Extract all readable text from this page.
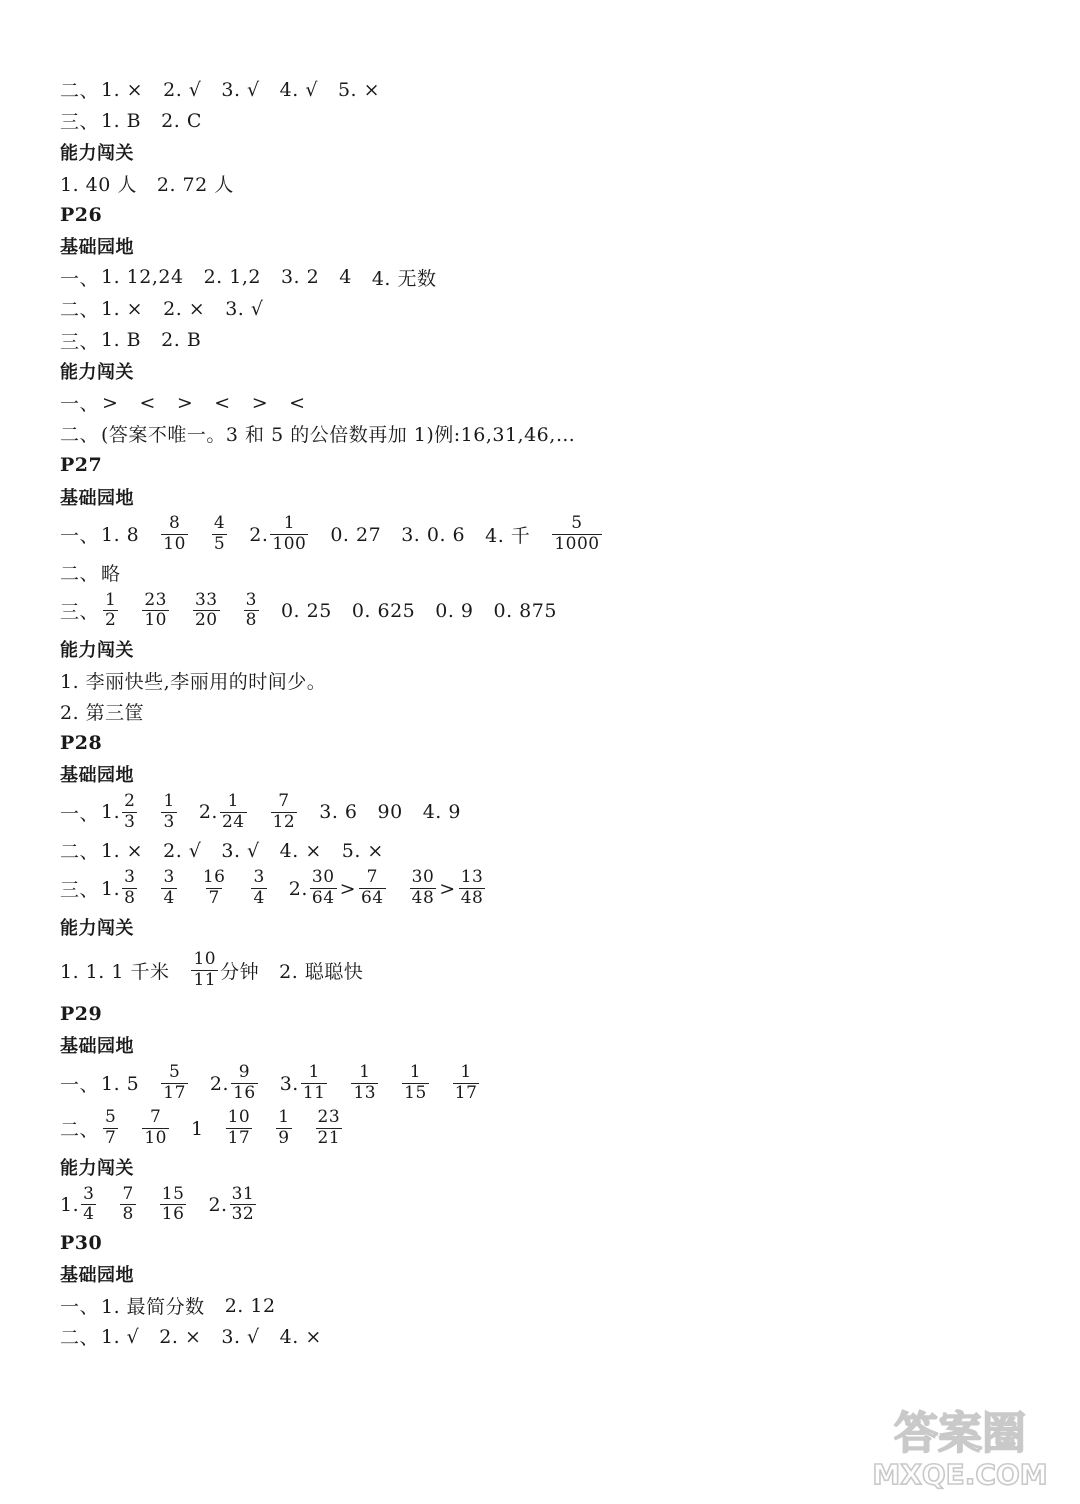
二、 1. × 2. √ 3. √ 4. √ 5. ×
三、 1. B 2. C
能力闯关
1. 40 人 2. 72 人
P26
基础园地
一、 1. 12,24 2. 1,2 3. 2 4 4. 无数
二、 1. × 2. × 3. √
三、 1. B 2. B
能力闯关
一、 > < > < > <
二、 (答案不唯一。3 和 5 的公倍数再加 1)例:16,31,46,…
P27
基础园地
一、 1. $8 \frac{8}{10} \frac{4}{5} 2$. $\frac{1}{100} 0$. 27 3. 0. 6 4. 千 $\frac{5}{1000}$
二、 略
三、 $\frac{1}{2} \frac{23}{10} \frac{33}{20} \frac{3}{8} 0$. 25 0. 625 0. 9 0. 875
能力闯关
1. 李丽快些,李丽用的时间少。
2. 第三筐
P28
基础园地
一、 1. $\frac{2}{3} \frac{1}{3} 2$. $\frac{1}{24} \frac{7}{12} 3$. 6 90 4. 9
二、 1. × 2. √ 3. √ 4. × 5. ×
三、 1. $\frac{3}{8} \frac{3}{4} \frac{16}{7} \frac{3}{4} 2$. $\frac{30}{64} > \frac{7}{64} \frac{30}{48} > \frac{13}{48}$
能力闯关
1. 1. 1 千米 $\frac{10}{11}$ 分钟 2. 聪聪快
P29
基础园地
一、 1. $5 \frac{5}{17} 2$. $\frac{9}{16} 3$. $\frac{1}{11} \frac{1}{13} \frac{1}{15} \frac{1}{17}$
二、 $\frac{5}{7} \frac{7}{10} 1 \frac{10}{17} \frac{1}{9} \frac{23}{21}$
能力闯关
1. $\frac{3}{4} \frac{7}{8} \frac{15}{16} 2$. $\frac{31}{32}$
P30
基础园地
一、 1. 最简分数 2. 12
二、 1. √ 2. × 3. √ 4. ×
答案圈
MXQE.COM
